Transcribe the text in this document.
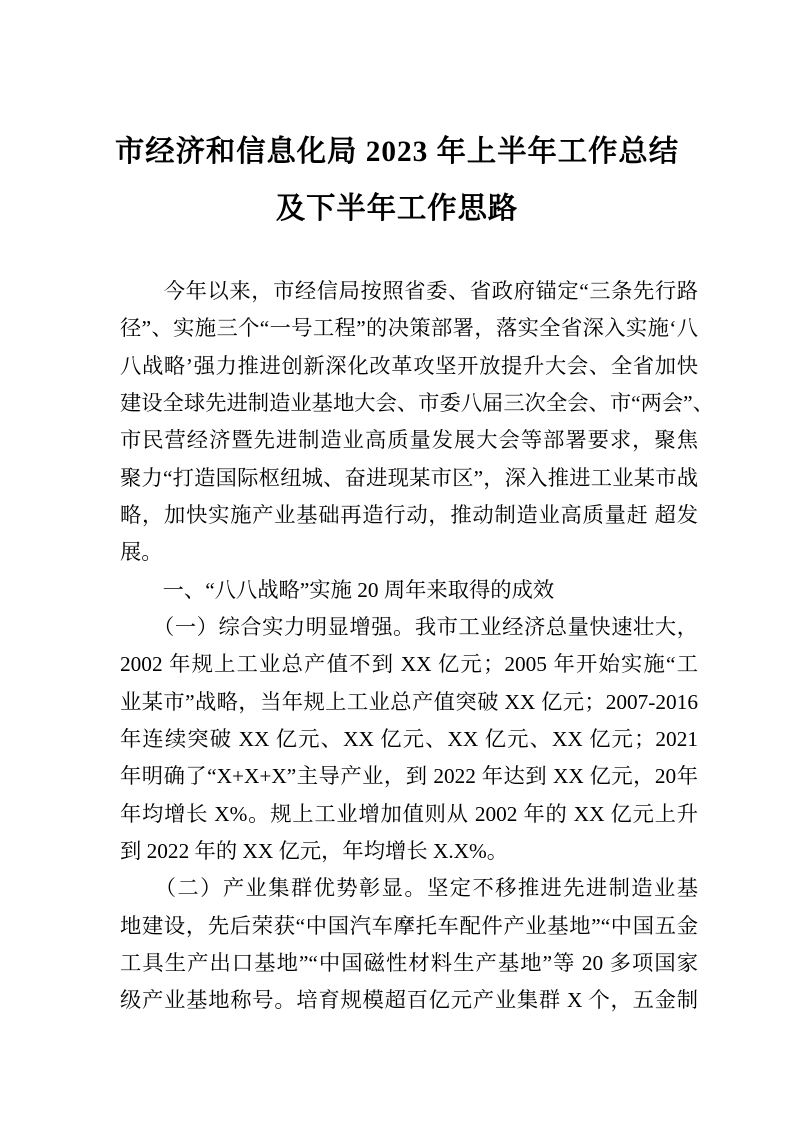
市经济和信息化局 2023 年上半年工作总结
及下半年工作思路
　　今年以来，市经信局按照省委、省政府锚定“三条先行路
径”、实施三个“一号工程”的决策部署，落实全省深入实施‘八
八战略’强力推进创新深化改革攻坚开放提升大会、全省加快
建设全球先进制造业基地大会、市委八届三次全会、市“两会”、
市民营经济暨先进制造业高质量发展大会等部署要求，聚焦
聚力“打造国际枢纽城、奋进现某市区”，深入推进工业某市战
略，加快实施产业基础再造行动，推动制造业高质量赶 超发
展。
　　一、“八八战略”实施 20 周年来取得的成效
　　（一）综合实力明显增强。我市工业经济总量快速壮大，
2002 年规上工业总产值不到 XX 亿元；2005 年开始实施“工
业某市”战略，当年规上工业总产值突破 XX 亿元；2007-2016
年连续突破 XX 亿元、XX 亿元、XX 亿元、XX 亿元；2021
年明确了“X+X+X”主导产业，到 2022 年达到 XX 亿元，20年
年均增长 X%。规上工业增加值则从 2002 年的 XX 亿元上升
到 2022 年的 XX 亿元，年均增长 X.X%。
　　（二）产业集群优势彰显。坚定不移推进先进制造业基
地建设，先后荣获“中国汽车摩托车配件产业基地”“中国五金
工具生产出口基地”“中国磁性材料生产基地”等 20 多项国家
级产业基地称号。培育规模超百亿元产业集群 X 个，五金制
